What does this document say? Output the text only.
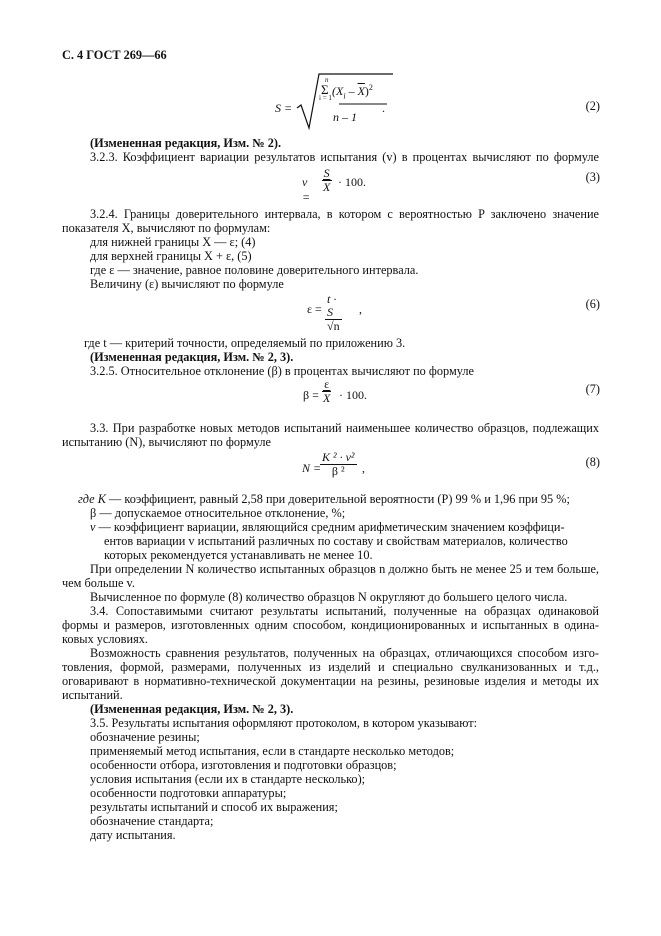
С. 4 ГОСТ 269—66
S =
n
Σ
i = 1 $(X_i - \overline{X})^2$
n – 1
.	(2)
(Измененная редакция, Изм. № 2).
3.2.3. Коэффициент вариации результатов испытания (v) в процентах вычисляют по формуле
v =
$\frac{S}{X} \cdot 100$.	(3)
3.2.4. Границы доверительного интервала, в котором с вероятностью P заключено значение
показателя X, вычисляют по формулам:
для нижней границы X — ε; (4)
для верхней границы X + ε, (5)
где ε — значение, равное половине доверительного интервала.
Величину (ε) вычисляют по формуле
$\varepsilon = \frac{t \cdot S}{√n}$ ,	(6)
где t — критерий точности, определяемый по приложению 3.
(Измененная редакция, Изм. № 2, 3).
3.2.5. Относительное отклонение (β) в процентах вычисляют по формуле
$\beta = \frac{\varepsilon}{X} \cdot 100$.	(7)
3.3. При разработке новых методов испытаний наименьшее количество образцов, подлежащих
испытанию (N), вычисляют по формуле
N =
$\frac{\text{K ² · v²}}{\text{β ²}}$ ,	(8)
где K — коэффициент, равный 2,58 при доверительной вероятности (P) 99 % и 1,96 при 95 %;
β — допускаемое относительное отклонение, %;
v — коэффициент вариации, являющийся средним арифметическим значением коэффици-
ентов вариации v испытаний различных по составу и свойствам материалов, количество
которых рекомендуется устанавливать не менее 10.
При определении N количество испытанных образцов n должно быть не менее 25 и тем больше,
чем больше v.
Вычисленное по формуле (8) количество образцов N округляют до большего целого числа.
3.4. Сопоставимыми считают результаты испытаний, полученные на образцах одинаковой
формы и размеров, изготовленных одним способом, кондиционированных и испытанных в одина-
ковых условиях.
Возможность сравнения результатов, полученных на образцах, отличающихся способом изго-
товления, формой, размерами, полученных из изделий и специально свулканизованных и т.д.,
оговаривают в нормативно-технической документации на резины, резиновые изделия и методы их
испытаний.
(Измененная редакция, Изм. № 2, 3).
3.5. Результаты испытания оформляют протоколом, в котором указывают:
обозначение резины;
применяемый метод испытания, если в стандарте несколько методов;
особенности отбора, изготовления и подготовки образцов;
условия испытания (если их в стандарте несколько);
особенности подготовки аппаратуры;
результаты испытаний и способ их выражения;
обозначение стандарта;
дату испытания.
